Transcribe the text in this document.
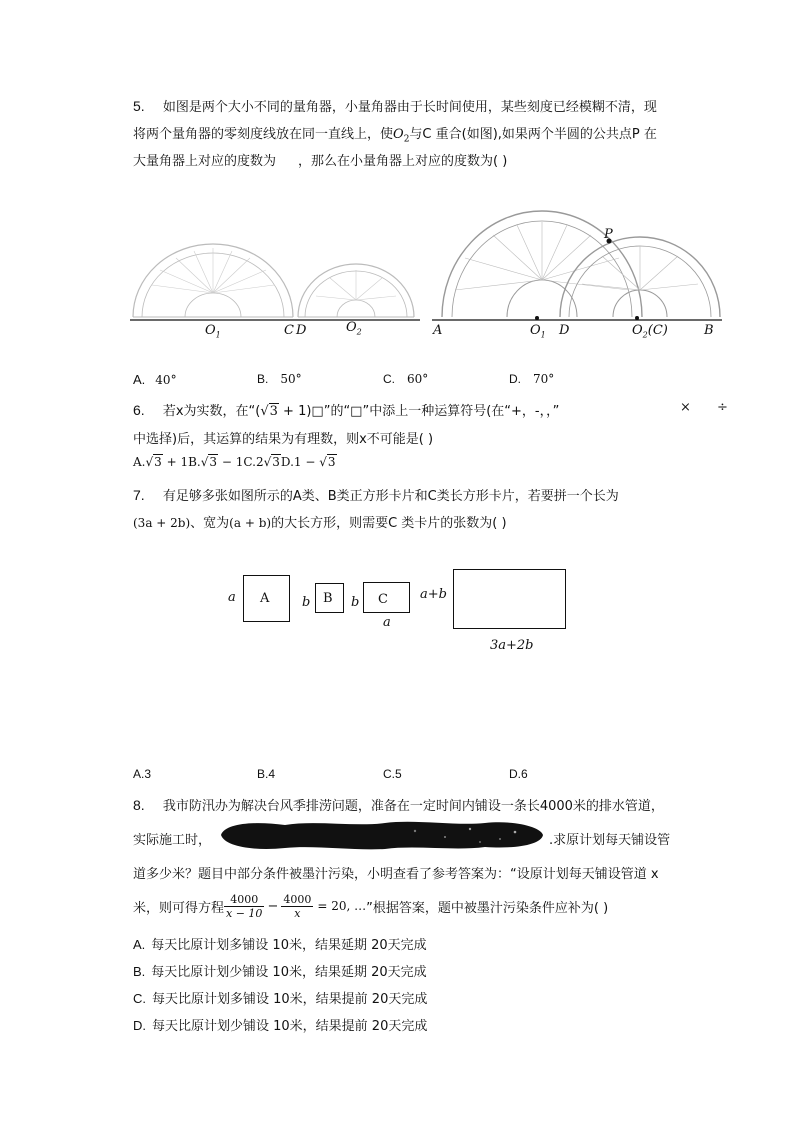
5. 如图是两个大小不同的量角器，小量角器由于长时间使用，某些刻度已经模糊不清，现
将两个量角器的零刻度线放在同一直线上，使$O_2$与C 重合(如图),如果两个半圆的公共点P 在
大量角器上对应的度数为 ，那么在小量角器上对应的度数为( )
$O_1$	C D	$O_2$	A	$O_1$ D	$O_2(C)$	B
P
A. 40°	B. 50°	C. 60°	D. 70°
6. 若x为实数，在“(√3 + 1)□”的“□”中添上一种运算符号(在“+，-，，”	× ÷
中选择)后，其运算的结果为有理数，则x不可能是( )
A.√3 + 1B.√3 − 1C.2√3D.1 − √3
7. 有足够多张如图所示的A类、B类正方形卡片和C类长方形卡片，若要拼一个长为
(3a + 2b)、宽为(a + b)的大长方形，则需要C 类卡片的张数为( )
a A	b B b C
a
a+b
3a+2b
A.3	B.4	C.5	D.6
8. 我市防汛办为解决台风季排涝问题，准备在一定时间内铺设一条长4000米的排水管道，
实际施工时，	.求原计划每天铺设管
道多少米？题目中部分条件被墨汁污染，小明查看了参考答案为：“设原计划每天铺设管道 x
米，则可得方程 $\frac{4000}{x - 10} - \frac{4000}{x} = 20$, … ”根据答案，题中被墨汁污染条件应补为( )
A. 每天比原计划多铺设 10米，结果延期 20天完成
B. 每天比原计划少铺设 10米，结果延期 20天完成
C. 每天比原计划多铺设 10米，结果提前 20天完成
D. 每天比原计划少铺设 10米，结果提前 20天完成
